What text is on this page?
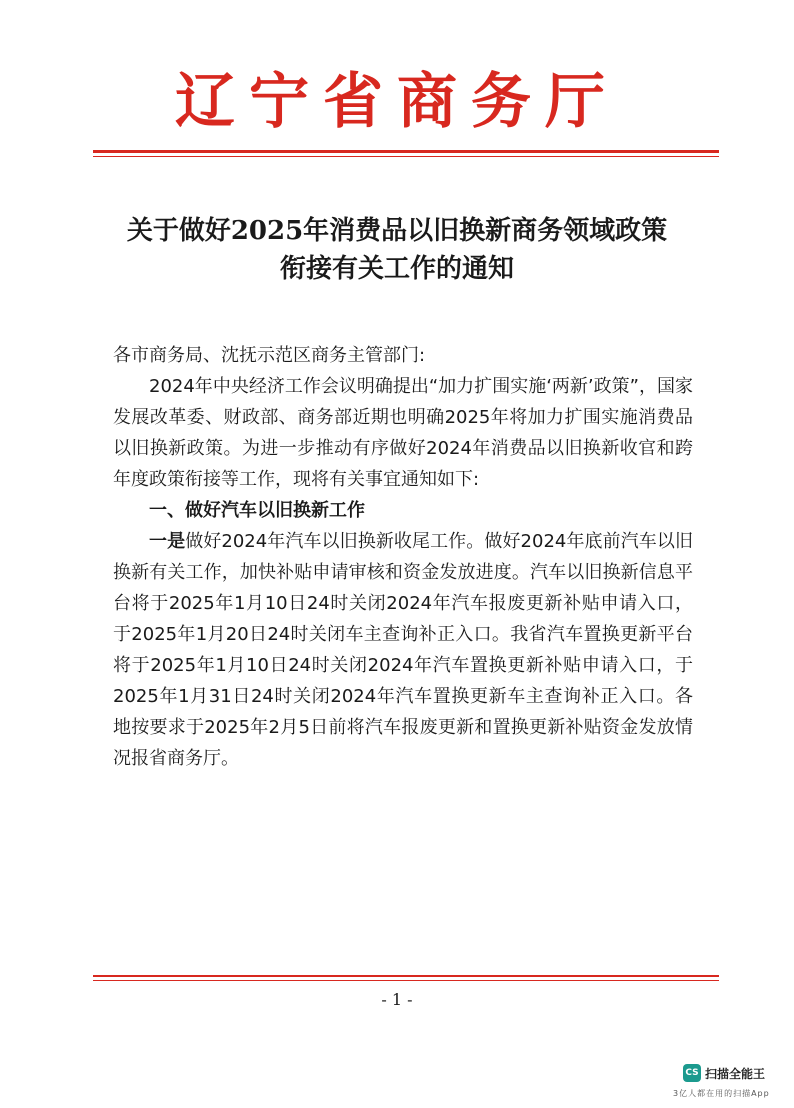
辽宁省商务厅
关于做好2025年消费品以旧换新商务领域政策
衔接有关工作的通知

各市商务局、沈抚示范区商务主管部门:

2024年中央经济工作会议明确提出“加力扩围实施‘两新’政策”，国家发展改革委、财政部、商务部近期也明确2025年将加力扩围实施消费品以旧换新政策。为进一步推动有序做好2024年消费品以旧换新收官和跨年度政策衔接等工作，现将有关事宜通知如下:

一、做好汽车以旧换新工作

一是做好2024年汽车以旧换新收尾工作。做好2024年底前汽车以旧换新有关工作，加快补贴申请审核和资金发放进度。汽车以旧换新信息平台将于2025年1月10日24时关闭2024年汽车报废更新补贴申请入口，于2025年1月20日24时关闭车主查询补正入口。我省汽车置换更新平台将于2025年1月10日24时关闭2024年汽车置换更新补贴申请入口，于2025年1月31日24时关闭2024年汽车置换更新车主查询补正入口。各地按要求于2025年2月5日前将汽车报废更新和置换更新补贴资金发放情况报省商务厅。

- 1 -
CS 扫描全能王
3亿人都在用的扫描App
